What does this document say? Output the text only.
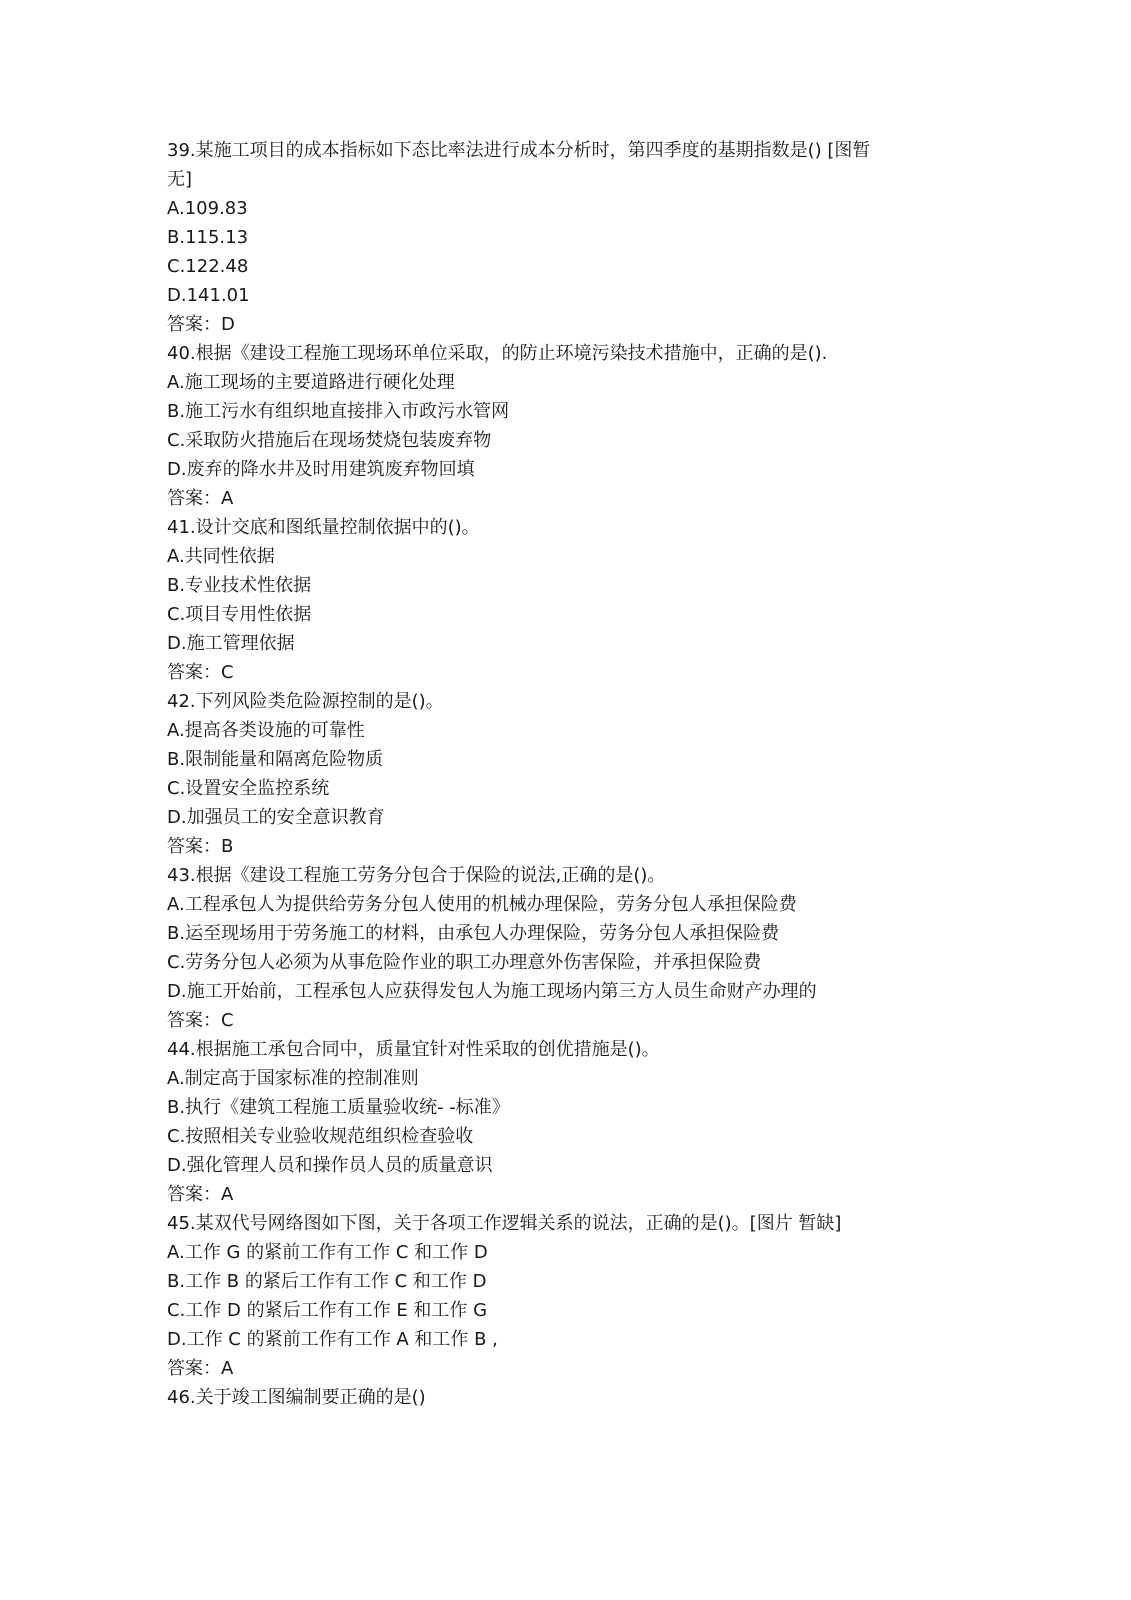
39.某施工项目的成本指标如下态比率法进行成本分析时，第四季度的基期指数是() [图暂
无]
A.109.83
B.115.13
C.122.48
D.141.01
答案：D
40.根据《建设工程施工现场环单位采取，的防止环境污染技术措施中，正确的是().
A.施工现场的主要道路进行硬化处理
B.施工污水有组织地直接排入市政污水管网
C.采取防火措施后在现场焚烧包装废弃物
D.废弃的降水井及时用建筑废弃物回填
答案：A
41.设计交底和图纸量控制依据中的()。
A.共同性依据
B.专业技术性依据
C.项目专用性依据
D.施工管理依据
答案：C
42.下列风险类危险源控制的是()。
A.提高各类设施的可靠性
B.限制能量和隔离危险物质
C.设置安全监控系统
D.加强员工的安全意识教育
答案：B
43.根据《建设工程施工劳务分包合于保险的说法,正确的是()。
A.工程承包人为提供给劳务分包人使用的机械办理保险，劳务分包人承担保险费
B.运至现场用于劳务施工的材料，由承包人办理保险，劳务分包人承担保险费
C.劳务分包人必须为从事危险作业的职工办理意外伤害保险，并承担保险费
D.施工开始前，工程承包人应获得发包人为施工现场内第三方人员生命财产办理的
答案：C
44.根据施工承包合同中，质量宜针对性采取的创优措施是()。
A.制定高于国家标准的控制准则
B.执行《建筑工程施工质量验收统- -标准》
C.按照相关专业验收规范组织检查验收
D.强化管理人员和操作员人员的质量意识
答案：A
45.某双代号网络图如下图，关于各项工作逻辑关系的说法，正确的是()。[图片 暂缺]
A.工作 G 的紧前工作有工作 C 和工作 D
B.工作 B 的紧后工作有工作 C 和工作 D
C.工作 D 的紧后工作有工作 E 和工作 G
D.工作 C 的紧前工作有工作 A 和工作 B ,
答案：A
46.关于竣工图编制要正确的是()
